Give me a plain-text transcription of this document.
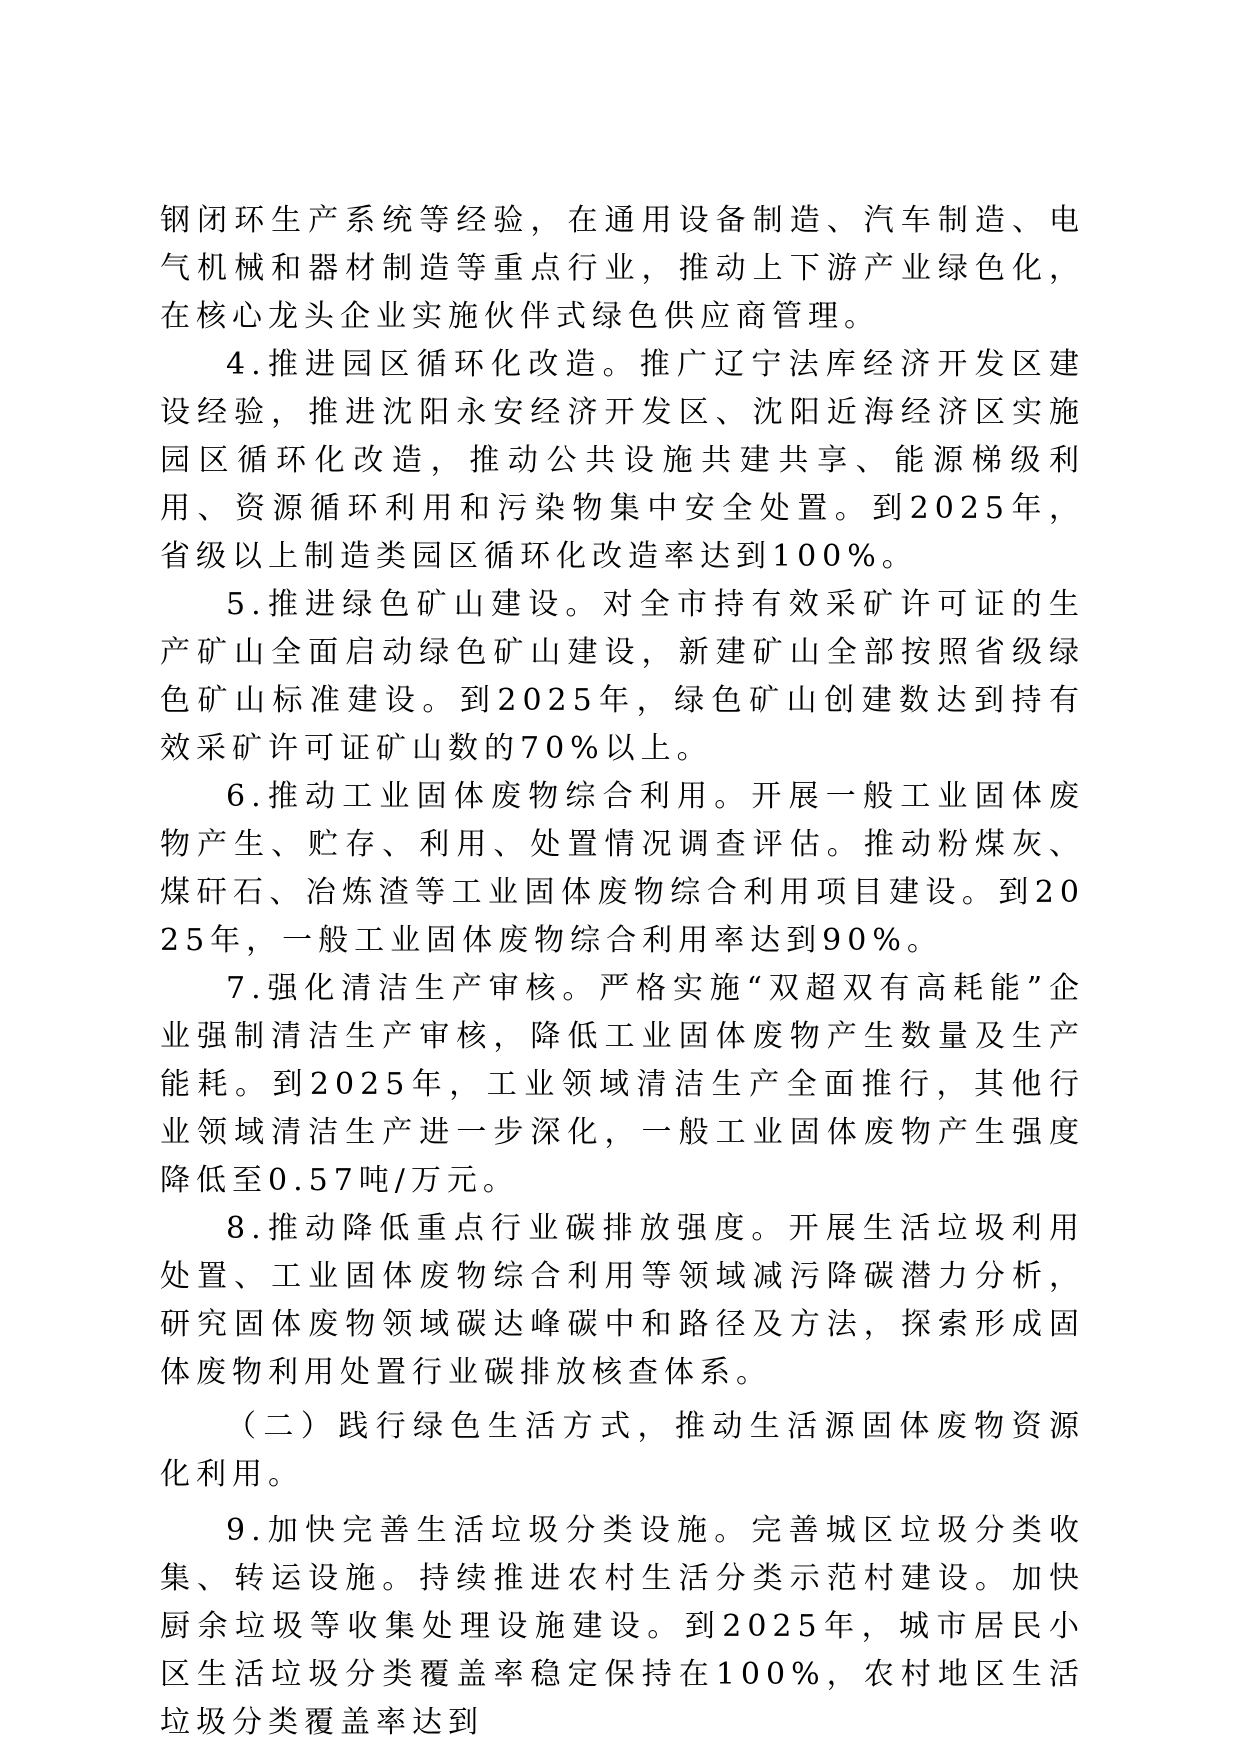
钢闭环生产系统等经验，在通用设备制造、汽车制造、电气机械和器材制造等重点行业，推动上下游产业绿色化，在核心龙头企业实施伙伴式绿色供应商管理。

4.推进园区循环化改造。推广辽宁法库经济开发区建设经验，推进沈阳永安经济开发区、沈阳近海经济区实施园区循环化改造，推动公共设施共建共享、能源梯级利用、资源循环利用和污染物集中安全处置。到2025年，省级以上制造类园区循环化改造率达到100%。

5.推进绿色矿山建设。对全市持有效采矿许可证的生产矿山全面启动绿色矿山建设，新建矿山全部按照省级绿色矿山标准建设。到2025年，绿色矿山创建数达到持有效采矿许可证矿山数的70%以上。

6.推动工业固体废物综合利用。开展一般工业固体废物产生、贮存、利用、处置情况调查评估。推动粉煤灰、煤矸石、冶炼渣等工业固体废物综合利用项目建设。到2025年，一般工业固体废物综合利用率达到90%。

7.强化清洁生产审核。严格实施“双超双有高耗能”企业强制清洁生产审核，降低工业固体废物产生数量及生产能耗。到2025年，工业领域清洁生产全面推行，其他行业领域清洁生产进一步深化，一般工业固体废物产生强度降低至0.57吨/万元。

8.推动降低重点行业碳排放强度。开展生活垃圾利用处置、工业固体废物综合利用等领域减污降碳潜力分析，研究固体废物领域碳达峰碳中和路径及方法，探索形成固体废物利用处置行业碳排放核查体系。

（二）践行绿色生活方式，推动生活源固体废物资源化利用。

9.加快完善生活垃圾分类设施。完善城区垃圾分类收集、转运设施。持续推进农村生活分类示范村建设。加快厨余垃圾等收集处理设施建设。到2025年，城市居民小区生活垃圾分类覆盖率稳定保持在100%，农村地区生活垃圾分类覆盖率达到
